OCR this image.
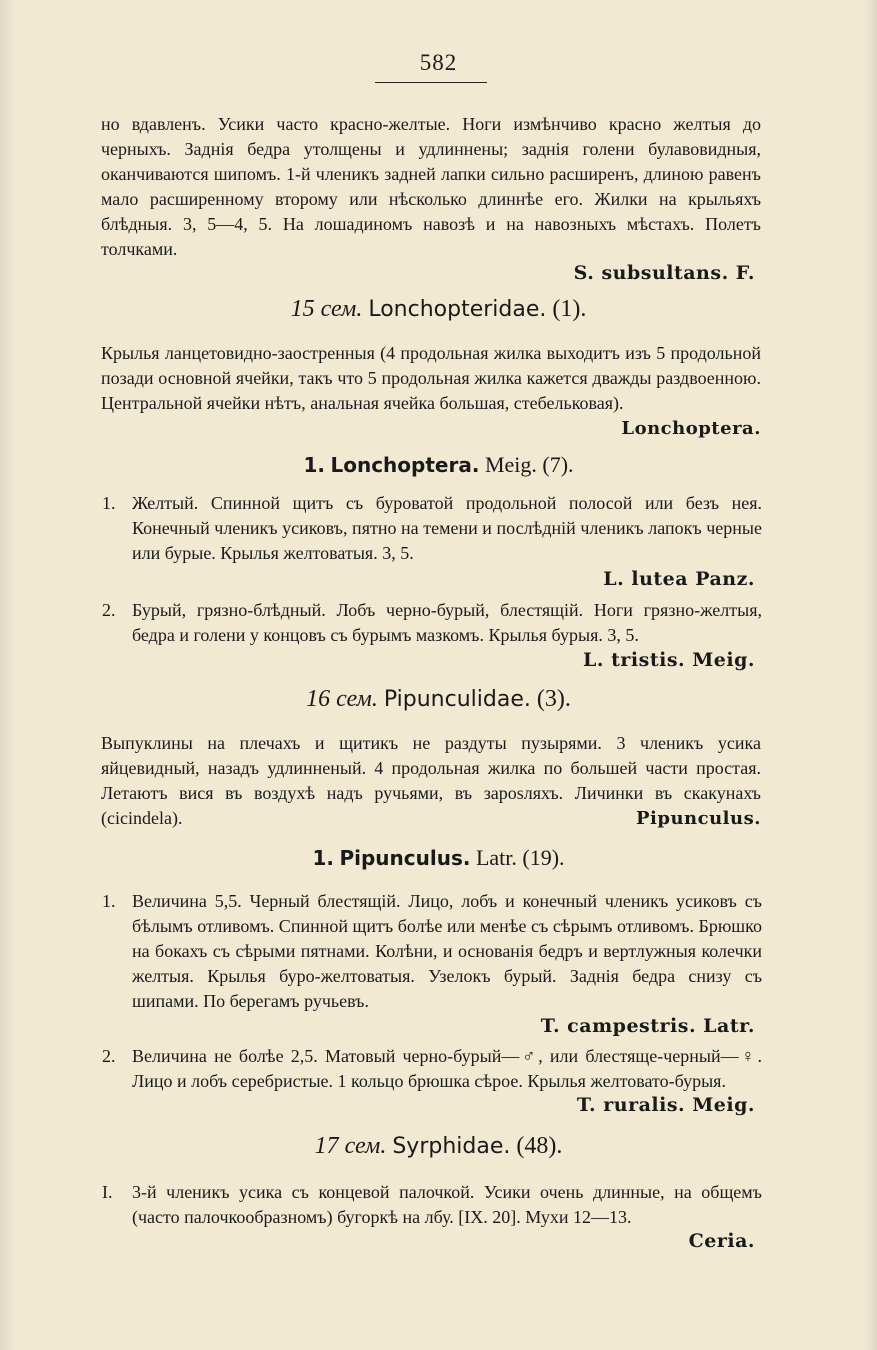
582

но вдавленъ. Усики часто красно-желтые. Ноги измѣнчиво красно желтыя до черныхъ. Заднія бедра утолщены и удлиннены; заднія голени булавовидныя, оканчиваются шипомъ. 1-й членикъ задней лапки сильно расширенъ, длиною равенъ мало расширенному второму или нѣсколько длиннѣе его. Жилки на крыльяхъ блѣдныя. 3, 5—4, 5. На лошадиномъ навозѣ и на навозныхъ мѣстахъ. Полетъ толчками.

S. subsultans. F.
15 сем. Lonchopteridae. (1).

Крылья ланцетовидно-заостренныя (4 продольная жилка выходитъ изъ 5 продольной позади основной ячейки, такъ что 5 продольная жилка кажется дважды раздвоенною. Центральной ячейки нѣтъ, анальная ячейка большая, стебельковая).
Lonchoptera.

1. Lonchoptera. Meig. (7).
1. Желтый. Спинной щитъ съ буроватой продольной полосой или безъ нея. Конечный членикъ усиковъ, пятно на темени и послѣдній членикъ лапокъ черные или бурые. Крылья желтоватыя. 3, 5.
L. lutea Panz.
2. Бурый, грязно-блѣдный. Лобъ черно-бурый, блестящій. Ноги грязно-желтыя, бедра и голени у концовъ съ бурымъ мазкомъ. Крылья бурыя. 3, 5.
L. tristis. Meig.
16 сем. Pipunculidae. (3).

Выпуклины на плечахъ и щитикъ не раздуты пузырями. 3 членикъ усика яйцевидный, назадъ удлинненый. 4 продольная жилка по большей части простая. Летаютъ вися въ воздухѣ надъ ручьями, въ зарosляхъ. Личинки въ скакунахъ (cicindela).	Pipunculus.

1. Pipunculus. Latr. (19).
1. Величина 5,5. Черный блестящій. Лицо, лобъ и конечный членикъ усиковъ съ бѣлымъ отливомъ. Спинной щитъ болѣе или менѣе съ сѣрымъ отливомъ. Брюшко на бокахъ съ сѣрыми пятнами. Колѣни, и основанія бедръ и вертлужныя колечки желтыя. Крылья буро-желтоватыя. Узелокъ бурый. Заднія бедра снизу съ шипами. По берегамъ ручьевъ.
T. campestris. Latr.
2. Величина не болѣе 2,5. Матовый черно-бурый—♂, или блестяще-черный—♀. Лицо и лобъ серебристые. 1 кольцо брюшка сѣрое. Крылья желтовато-бурыя.
T. ruralis. Meig.
17 сем. Syrphidae. (48).
I.	3-й членикъ усика съ концевой палочкой. Усики очень длинные, на общемъ (часто палочкообразномъ) бугоркѣ на лбу. [IX. 20]. Мухи 12—13.
Ceria.
